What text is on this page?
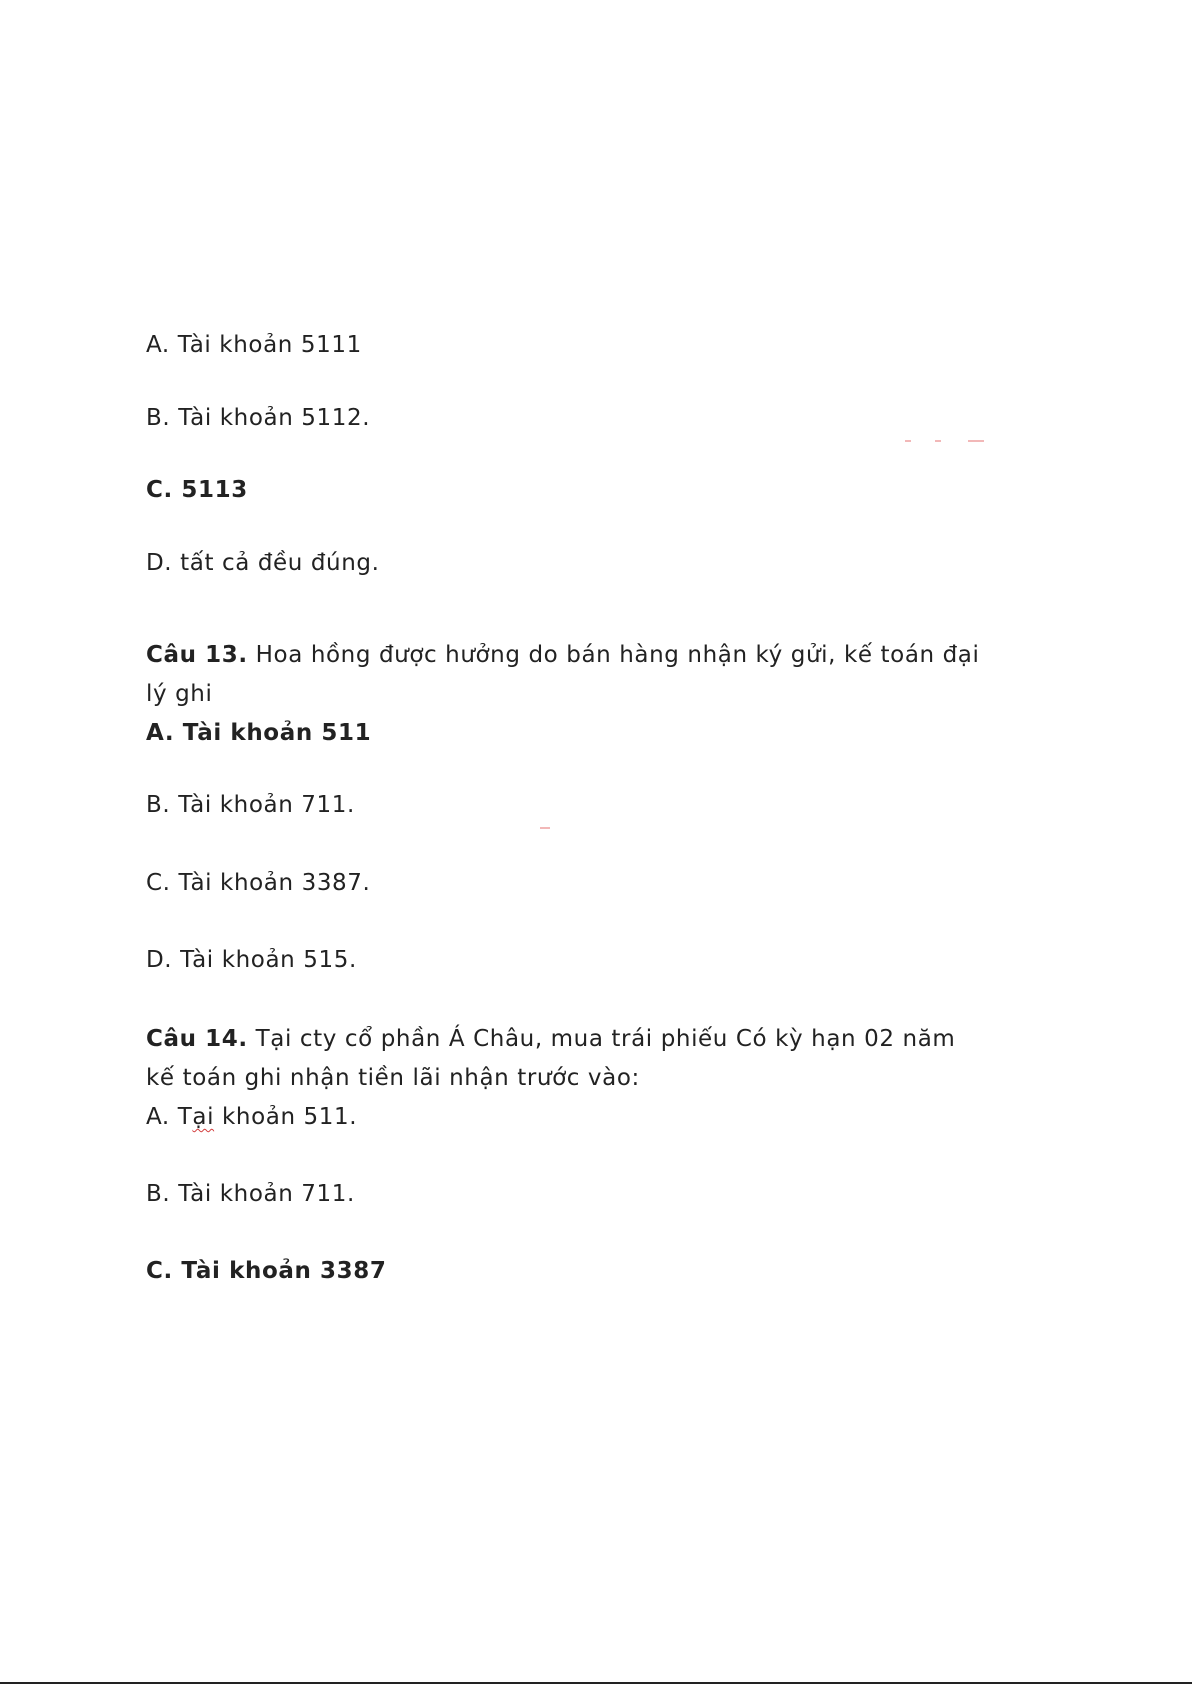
A. Tài khoản 5111
B. Tài khoản 5112.
C. 5113
D. tất cả đều đúng.
Câu 13. Hoa hồng được hưởng do bán hàng nhận ký gửi, kế toán đại
lý ghi
A. Tài khoản 511
B. Tài khoản 711.
C. Tài khoản 3387.
D. Tài khoản 515.
Câu 14. Tại cty cổ phần Á Châu, mua trái phiếu Có kỳ hạn 02 năm
kế toán ghi nhận tiền lãi nhận trước vào:
A. Tại khoản 511.
B. Tài khoản 711.
C. Tài khoản 3387
